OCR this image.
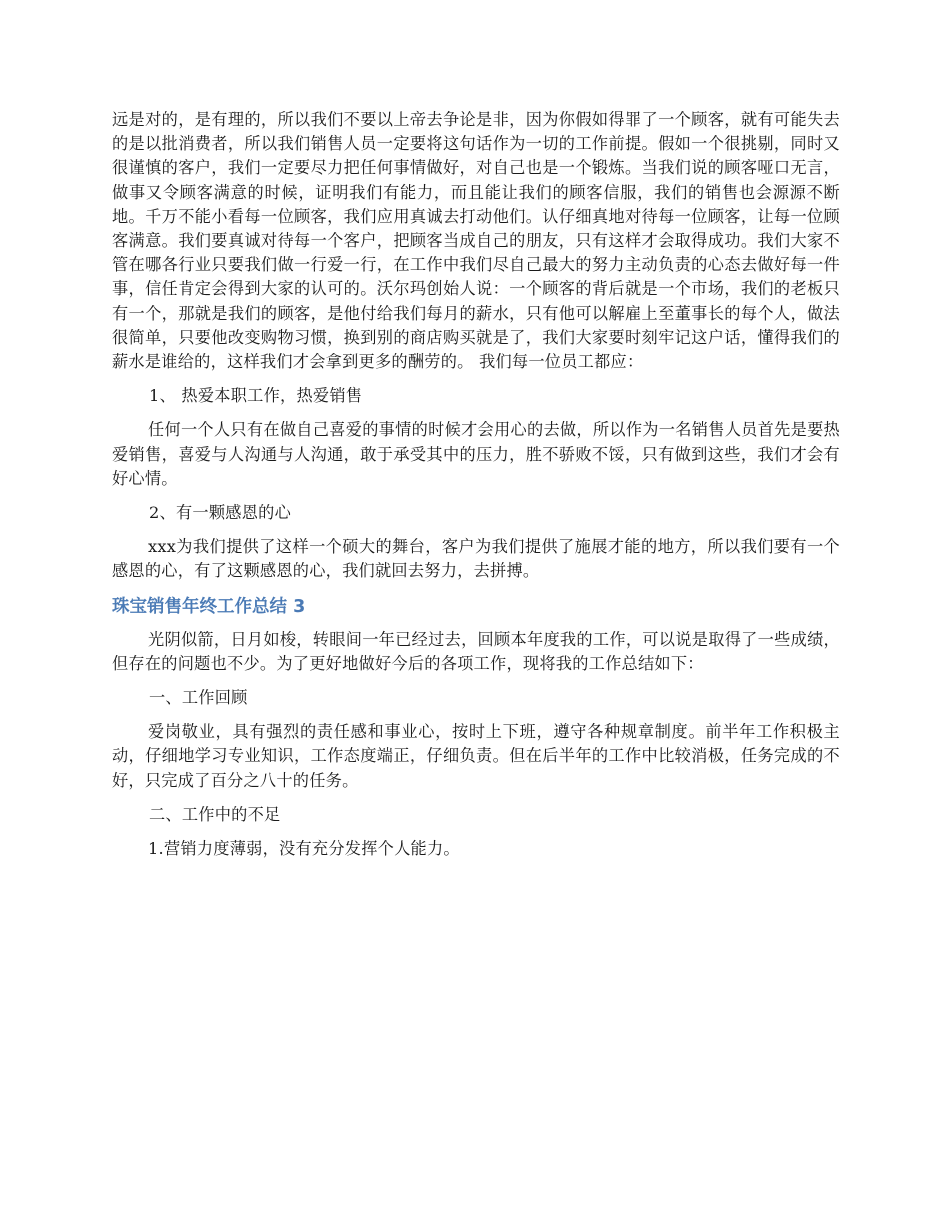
远是对的，是有理的，所以我们不要以上帝去争论是非，因为你假如得罪了一个顾客，就有可能失去的是以批消费者，所以我们销售人员一定要将这句话作为一切的工作前提。假如一个很挑剔，同时又很谨慎的客户，我们一定要尽力把任何事情做好，对自己也是一个锻炼。当我们说的顾客哑口无言，做事又令顾客满意的时候，证明我们有能力，而且能让我们的顾客信服，我们的销售也会源源不断地。千万不能小看每一位顾客，我们应用真诚去打动他们。认仔细真地对待每一位顾客，让每一位顾客满意。我们要真诚对待每一个客户，把顾客当成自己的朋友，只有这样才会取得成功。我们大家不管在哪各行业只要我们做一行爱一行，在工作中我们尽自己最大的努力主动负责的心态去做好每一件事，信任肯定会得到大家的认可的。沃尔玛创始人说：一个顾客的背后就是一个市场，我们的老板只有一个，那就是我们的顾客，是他付给我们每月的薪水，只有他可以解雇上至董事长的每个人，做法很简单，只要他改变购物习惯，换到别的商店购买就是了，我们大家要时刻牢记这户话，懂得我们的薪水是谁给的，这样我们才会拿到更多的酬劳的。 我们每一位员工都应：

1、 热爱本职工作，热爱销售

任何一个人只有在做自己喜爱的事情的时候才会用心的去做，所以作为一名销售人员首先是要热爱销售，喜爱与人沟通与人沟通，敢于承受其中的压力，胜不骄败不馁，只有做到这些，我们才会有好心情。

2、有一颗感恩的心

xxx为我们提供了这样一个硕大的舞台，客户为我们提供了施展才能的地方，所以我们要有一个感恩的心，有了这颗感恩的心，我们就回去努力，去拼搏。

珠宝销售年终工作总结 3

光阴似箭，日月如梭，转眼间一年已经过去，回顾本年度我的工作，可以说是取得了一些成绩，但存在的问题也不少。为了更好地做好今后的各项工作，现将我的工作总结如下：

一、工作回顾

爱岗敬业，具有强烈的责任感和事业心，按时上下班，遵守各种规章制度。前半年工作积极主动，仔细地学习专业知识，工作态度端正，仔细负责。但在后半年的工作中比较消极，任务完成的不好，只完成了百分之八十的任务。

二、工作中的不足

1.营销力度薄弱，没有充分发挥个人能力。
